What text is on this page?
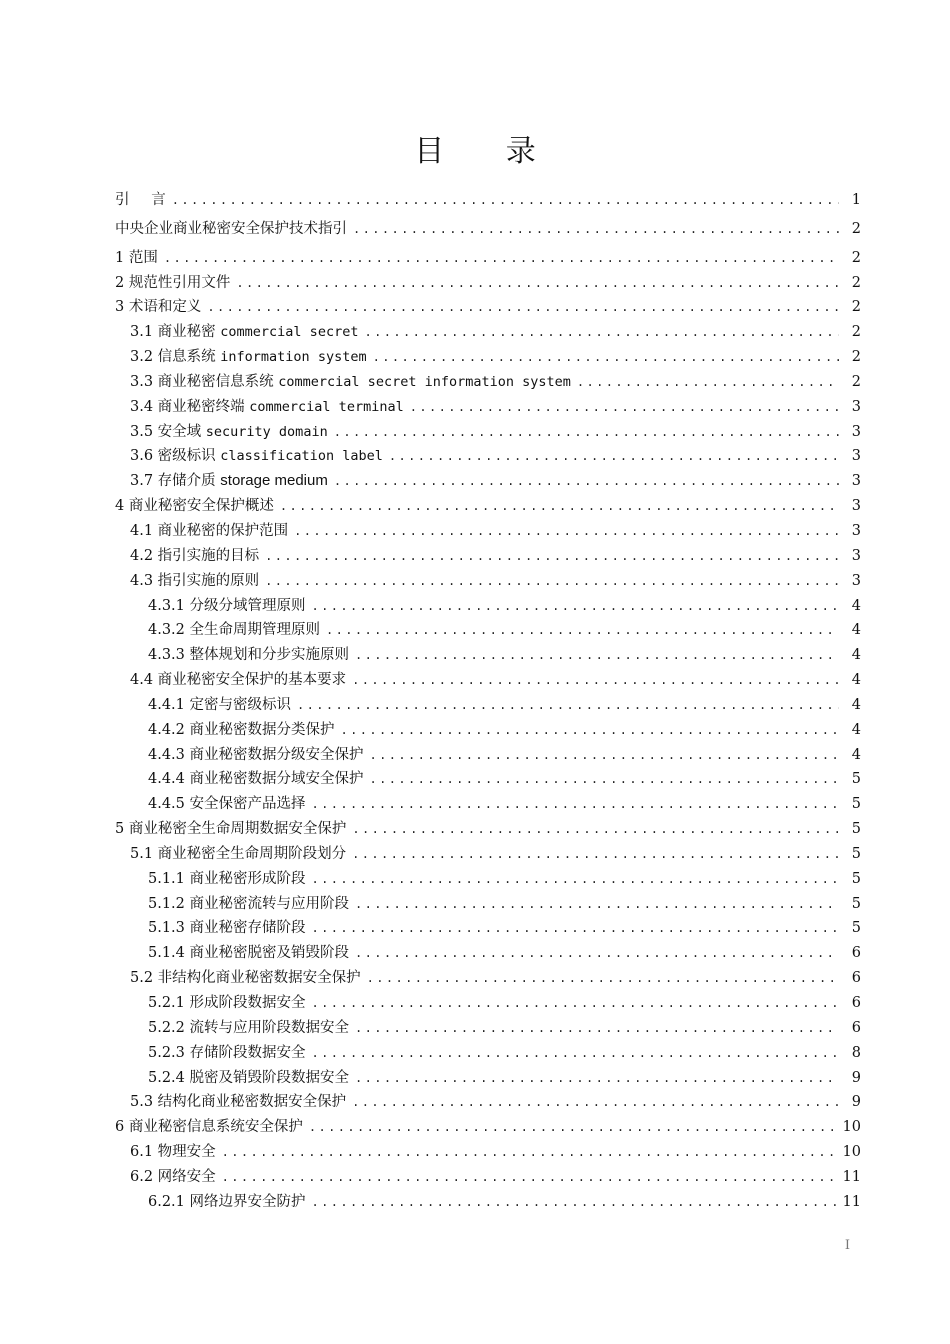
目 录
引   言 .....	1
中央企业商业秘密安全保护技术指引 .....	2
1 范围 .....	2
2 规范性引用文件 .....	2
3 术语和定义 .....	2
3.1 商业秘密 commercial secret .....	2
3.2 信息系统 information system .....	2
3.3 商业秘密信息系统 commercial secret information system .....	2
3.4 商业秘密终端 commercial terminal .....	3
3.5 安全域 security domain .....	3
3.6 密级标识 classification label .....	3
3.7 存储介质 storage medium .....	3
4 商业秘密安全保护概述 .....	3
4.1 商业秘密的保护范围 .....	3
4.2 指引实施的目标 .....	3
4.3 指引实施的原则 .....	3
4.3.1 分级分域管理原则 .....	4
4.3.2 全生命周期管理原则 .....	4
4.3.3 整体规划和分步实施原则 .....	4
4.4 商业秘密安全保护的基本要求 .....	4
4.4.1 定密与密级标识 .....	4
4.4.2 商业秘密数据分类保护 .....	4
4.4.3 商业秘密数据分级安全保护 .....	4
4.4.4 商业秘密数据分域安全保护 .....	5
4.4.5 安全保密产品选择 .....	5
5 商业秘密全生命周期数据安全保护 .....	5
5.1 商业秘密全生命周期阶段划分 .....	5
5.1.1 商业秘密形成阶段 .....	5
5.1.2 商业秘密流转与应用阶段 .....	5
5.1.3 商业秘密存储阶段 .....	5
5.1.4 商业秘密脱密及销毁阶段 .....	6
5.2 非结构化商业秘密数据安全保护 .....	6
5.2.1 形成阶段数据安全 .....	6
5.2.2 流转与应用阶段数据安全 .....	6
5.2.3 存储阶段数据安全 .....	8
5.2.4 脱密及销毁阶段数据安全 .....	9
5.3 结构化商业秘密数据安全保护 .....	9
6 商业秘密信息系统安全保护 .....	10
6.1 物理安全 .....	10
6.2 网络安全 .....	11
6.2.1 网络边界安全防护 .....	11
I
